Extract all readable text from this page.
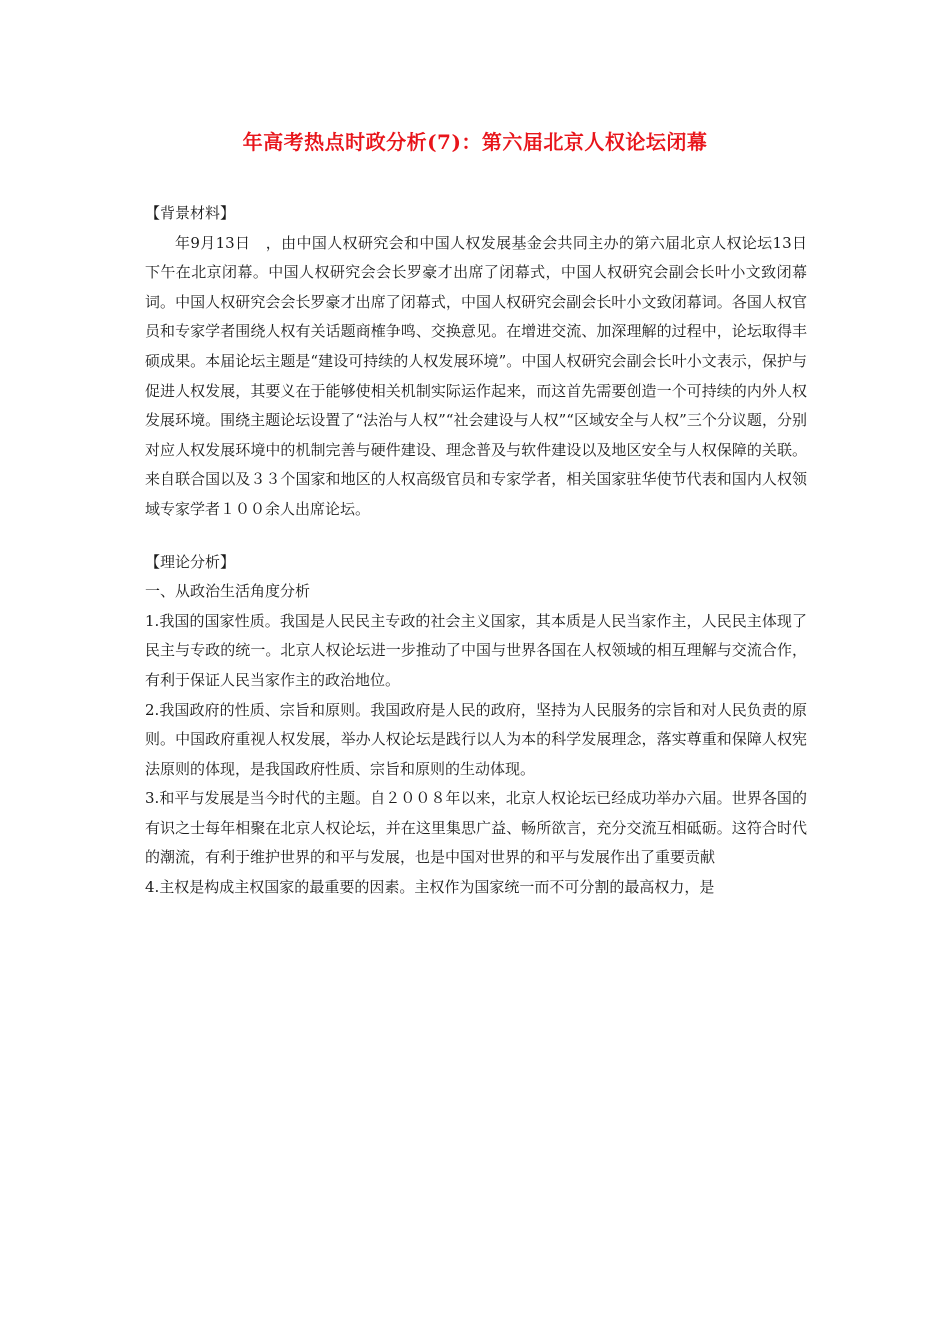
年高考热点时政分析(7)：第六届北京人权论坛闭幕

【背景材料】

年9月13日　，由中国人权研究会和中国人权发展基金会共同主办的第六届北京人权论坛13日下午在北京闭幕。中国人权研究会会长罗豪才出席了闭幕式，中国人权研究会副会长叶小文致闭幕词。中国人权研究会会长罗豪才出席了闭幕式，中国人权研究会副会长叶小文致闭幕词。各国人权官员和专家学者围绕人权有关话题商榷争鸣、交换意见。在增进交流、加深理解的过程中，论坛取得丰硕成果。本届论坛主题是“建设可持续的人权发展环境”。中国人权研究会副会长叶小文表示，保护与促进人权发展，其要义在于能够使相关机制实际运作起来，而这首先需要创造一个可持续的内外人权发展环境。围绕主题论坛设置了“法治与人权”“社会建设与人权”“区域安全与人权”三个分议题，分别对应人权发展环境中的机制完善与硬件建设、理念普及与软件建设以及地区安全与人权保障的关联。来自联合国以及３３个国家和地区的人权高级官员和专家学者，相关国家驻华使节代表和国内人权领域专家学者１００余人出席论坛。

【理论分析】

一、从政治生活角度分析

1.我国的国家性质。我国是人民民主专政的社会主义国家，其本质是人民当家作主，人民民主体现了民主与专政的统一。北京人权论坛进一步推动了中国与世界各国在人权领域的相互理解与交流合作，有利于保证人民当家作主的政治地位。

2.我国政府的性质、宗旨和原则。我国政府是人民的政府，坚持为人民服务的宗旨和对人民负责的原则。中国政府重视人权发展，举办人权论坛是践行以人为本的科学发展理念，落实尊重和保障人权宪法原则的体现，是我国政府性质、宗旨和原则的生动体现。

3.和平与发展是当今时代的主题。自２００８年以来，北京人权论坛已经成功举办六届。世界各国的有识之士每年相聚在北京人权论坛，并在这里集思广益、畅所欲言，充分交流互相砥砺。这符合时代的潮流，有利于维护世界的和平与发展，也是中国对世界的和平与发展作出了重要贡献

4.主权是构成主权国家的最重要的因素。主权作为国家统一而不可分割的最高权力，是
